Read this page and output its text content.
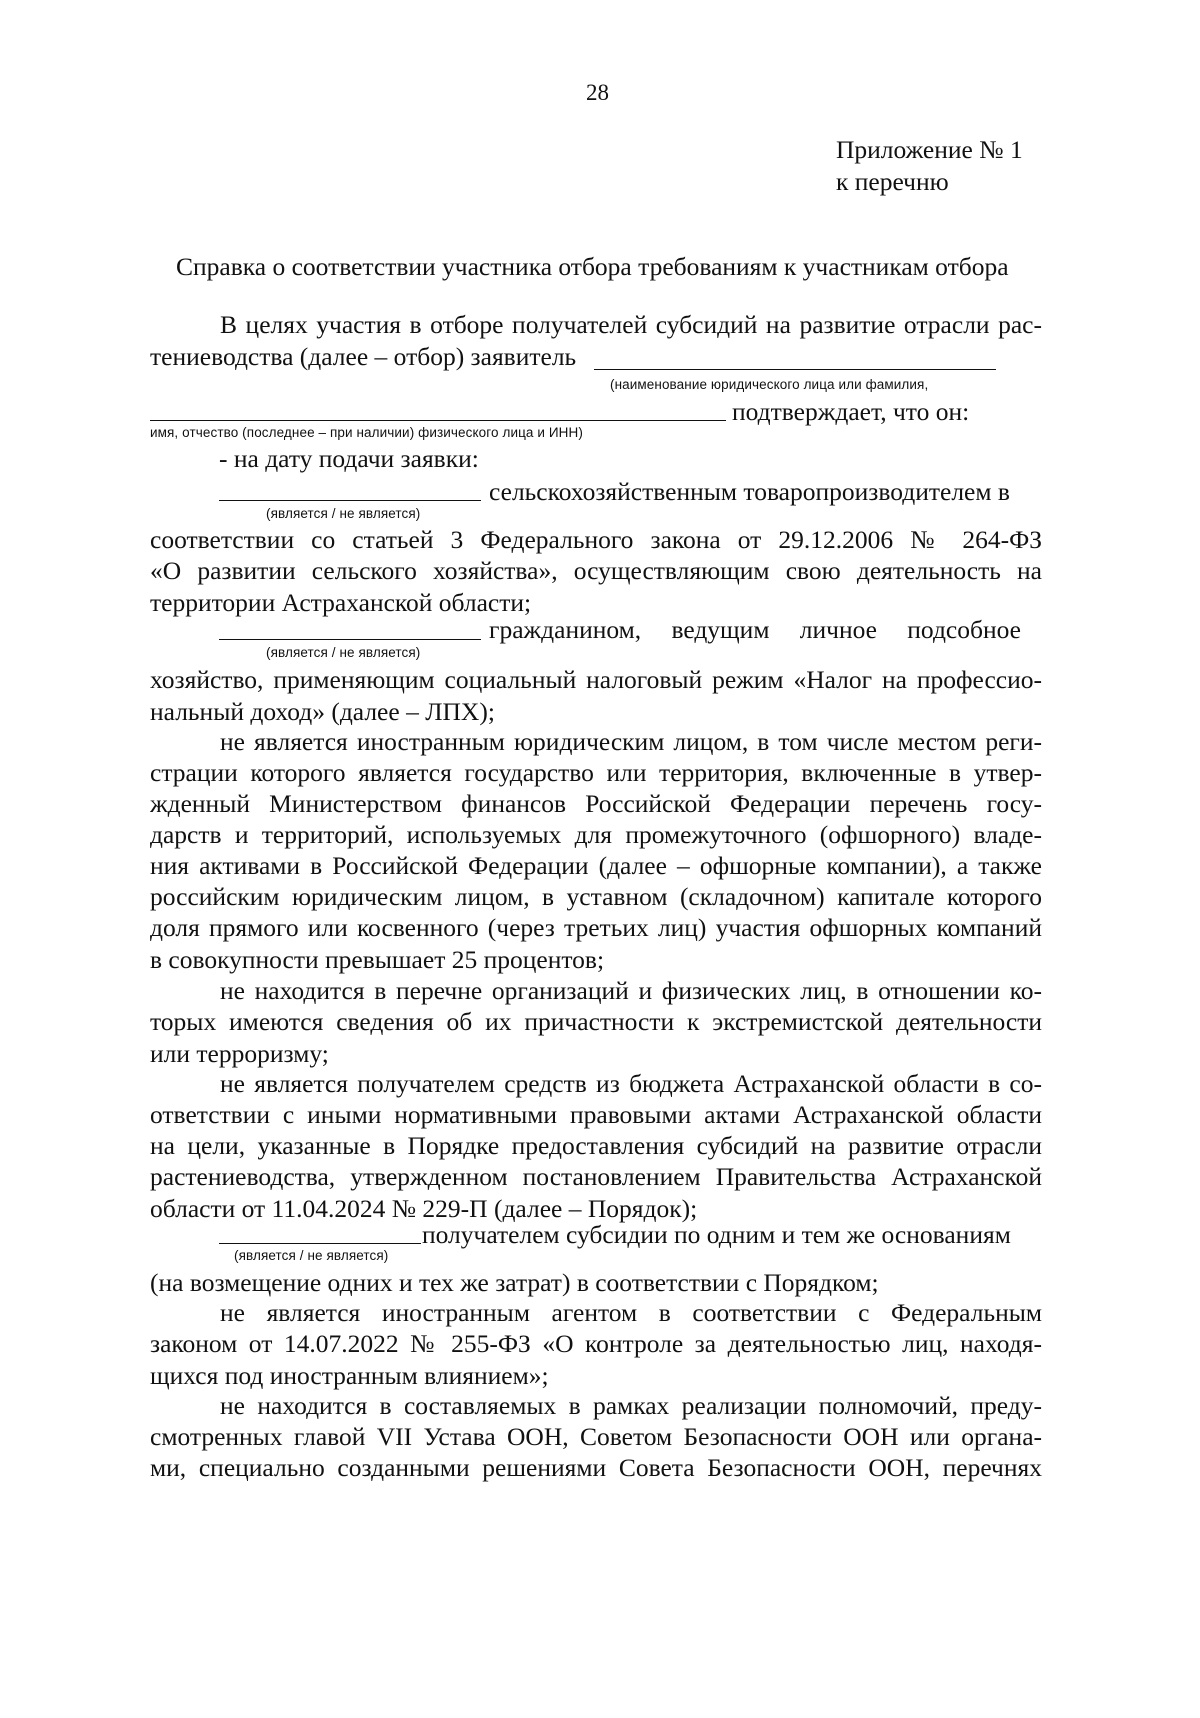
28
Приложение № 1
к перечню
Справка о соответствии участника отбора требованиям к участникам отбора
В целях участия в отборе получателей субсидий на развитие отрасли рас-
тениеводства (далее – отбор) заявитель
(наименование юридического лица или фамилия,
подтверждает, что он:
имя, отчество (последнее – при наличии) физического лица и ИНН)
- на дату подачи заявки:
сельскохозяйственным товаропроизводителем в
(является / не является)
соответствии со статьей 3 Федерального закона от 29.12.2006 № 264-ФЗ
«О развитии сельского хозяйства», осуществляющим свою деятельность на
территории Астраханской области;
гражданином, ведущим личное подсобное
(является / не является)
хозяйство, применяющим социальный налоговый режим «Налог на профессио-
нальный доход» (далее – ЛПХ);
не является иностранным юридическим лицом, в том числе местом реги-
страции которого является государство или территория, включенные в утвер-
жденный Министерством финансов Российской Федерации перечень госу-
дарств и территорий, используемых для промежуточного (офшорного) владе-
ния активами в Российской Федерации (далее – офшорные компании), а также
российским юридическим лицом, в уставном (складочном) капитале которого
доля прямого или косвенного (через третьих лиц) участия офшорных компаний
в совокупности превышает 25 процентов;
не находится в перечне организаций и физических лиц, в отношении ко-
торых имеются сведения об их причастности к экстремистской деятельности
или терроризму;
не является получателем средств из бюджета Астраханской области в со-
ответствии с иными нормативными правовыми актами Астраханской области
на цели, указанные в Порядке предоставления субсидий на развитие отрасли
растениеводства, утвержденном постановлением Правительства Астраханской
области от 11.04.2024 № 229-П (далее – Порядок);
получателем субсидии по одним и тем же основаниям
(является / не является)
(на возмещение одних и тех же затрат) в соответствии с Порядком;
не является иностранным агентом в соответствии с Федеральным
законом от 14.07.2022 № 255-ФЗ «О контроле за деятельностью лиц, находя-
щихся под иностранным влиянием»;
не находится в составляемых в рамках реализации полномочий, преду-
смотренных главой VII Устава ООН, Советом Безопасности ООН или органа-
ми, специально созданными решениями Совета Безопасности ООН, перечнях
